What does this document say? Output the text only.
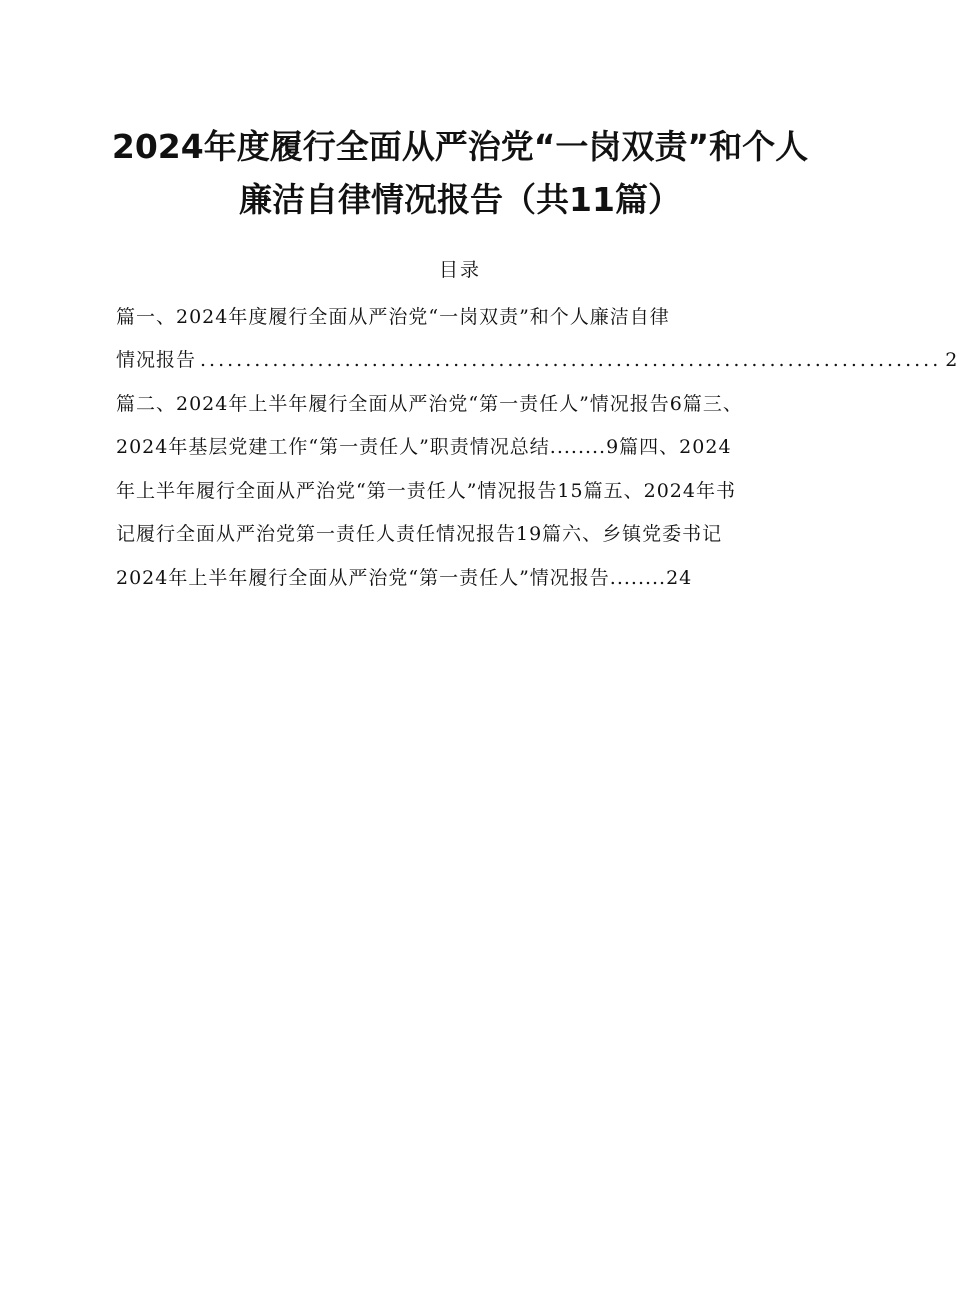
2024年度履行全面从严治党“一岗双责”和个人
廉洁自律情况报告（共11篇）
目录
篇一、2024年度履行全面从严治党“一岗双责”和个人廉洁自律
情况报告 .................................................................................. 2
篇二、2024年上半年履行全面从严治党“第一责任人”情况报告6篇三、
2024年基层党建工作“第一责任人”职责情况总结........9篇四、2024
年上半年履行全面从严治党“第一责任人”情况报告15篇五、2024年书
记履行全面从严治党第一责任人责任情况报告19篇六、乡镇党委书记
2024年上半年履行全面从严治党“第一责任人”情况报告........24
